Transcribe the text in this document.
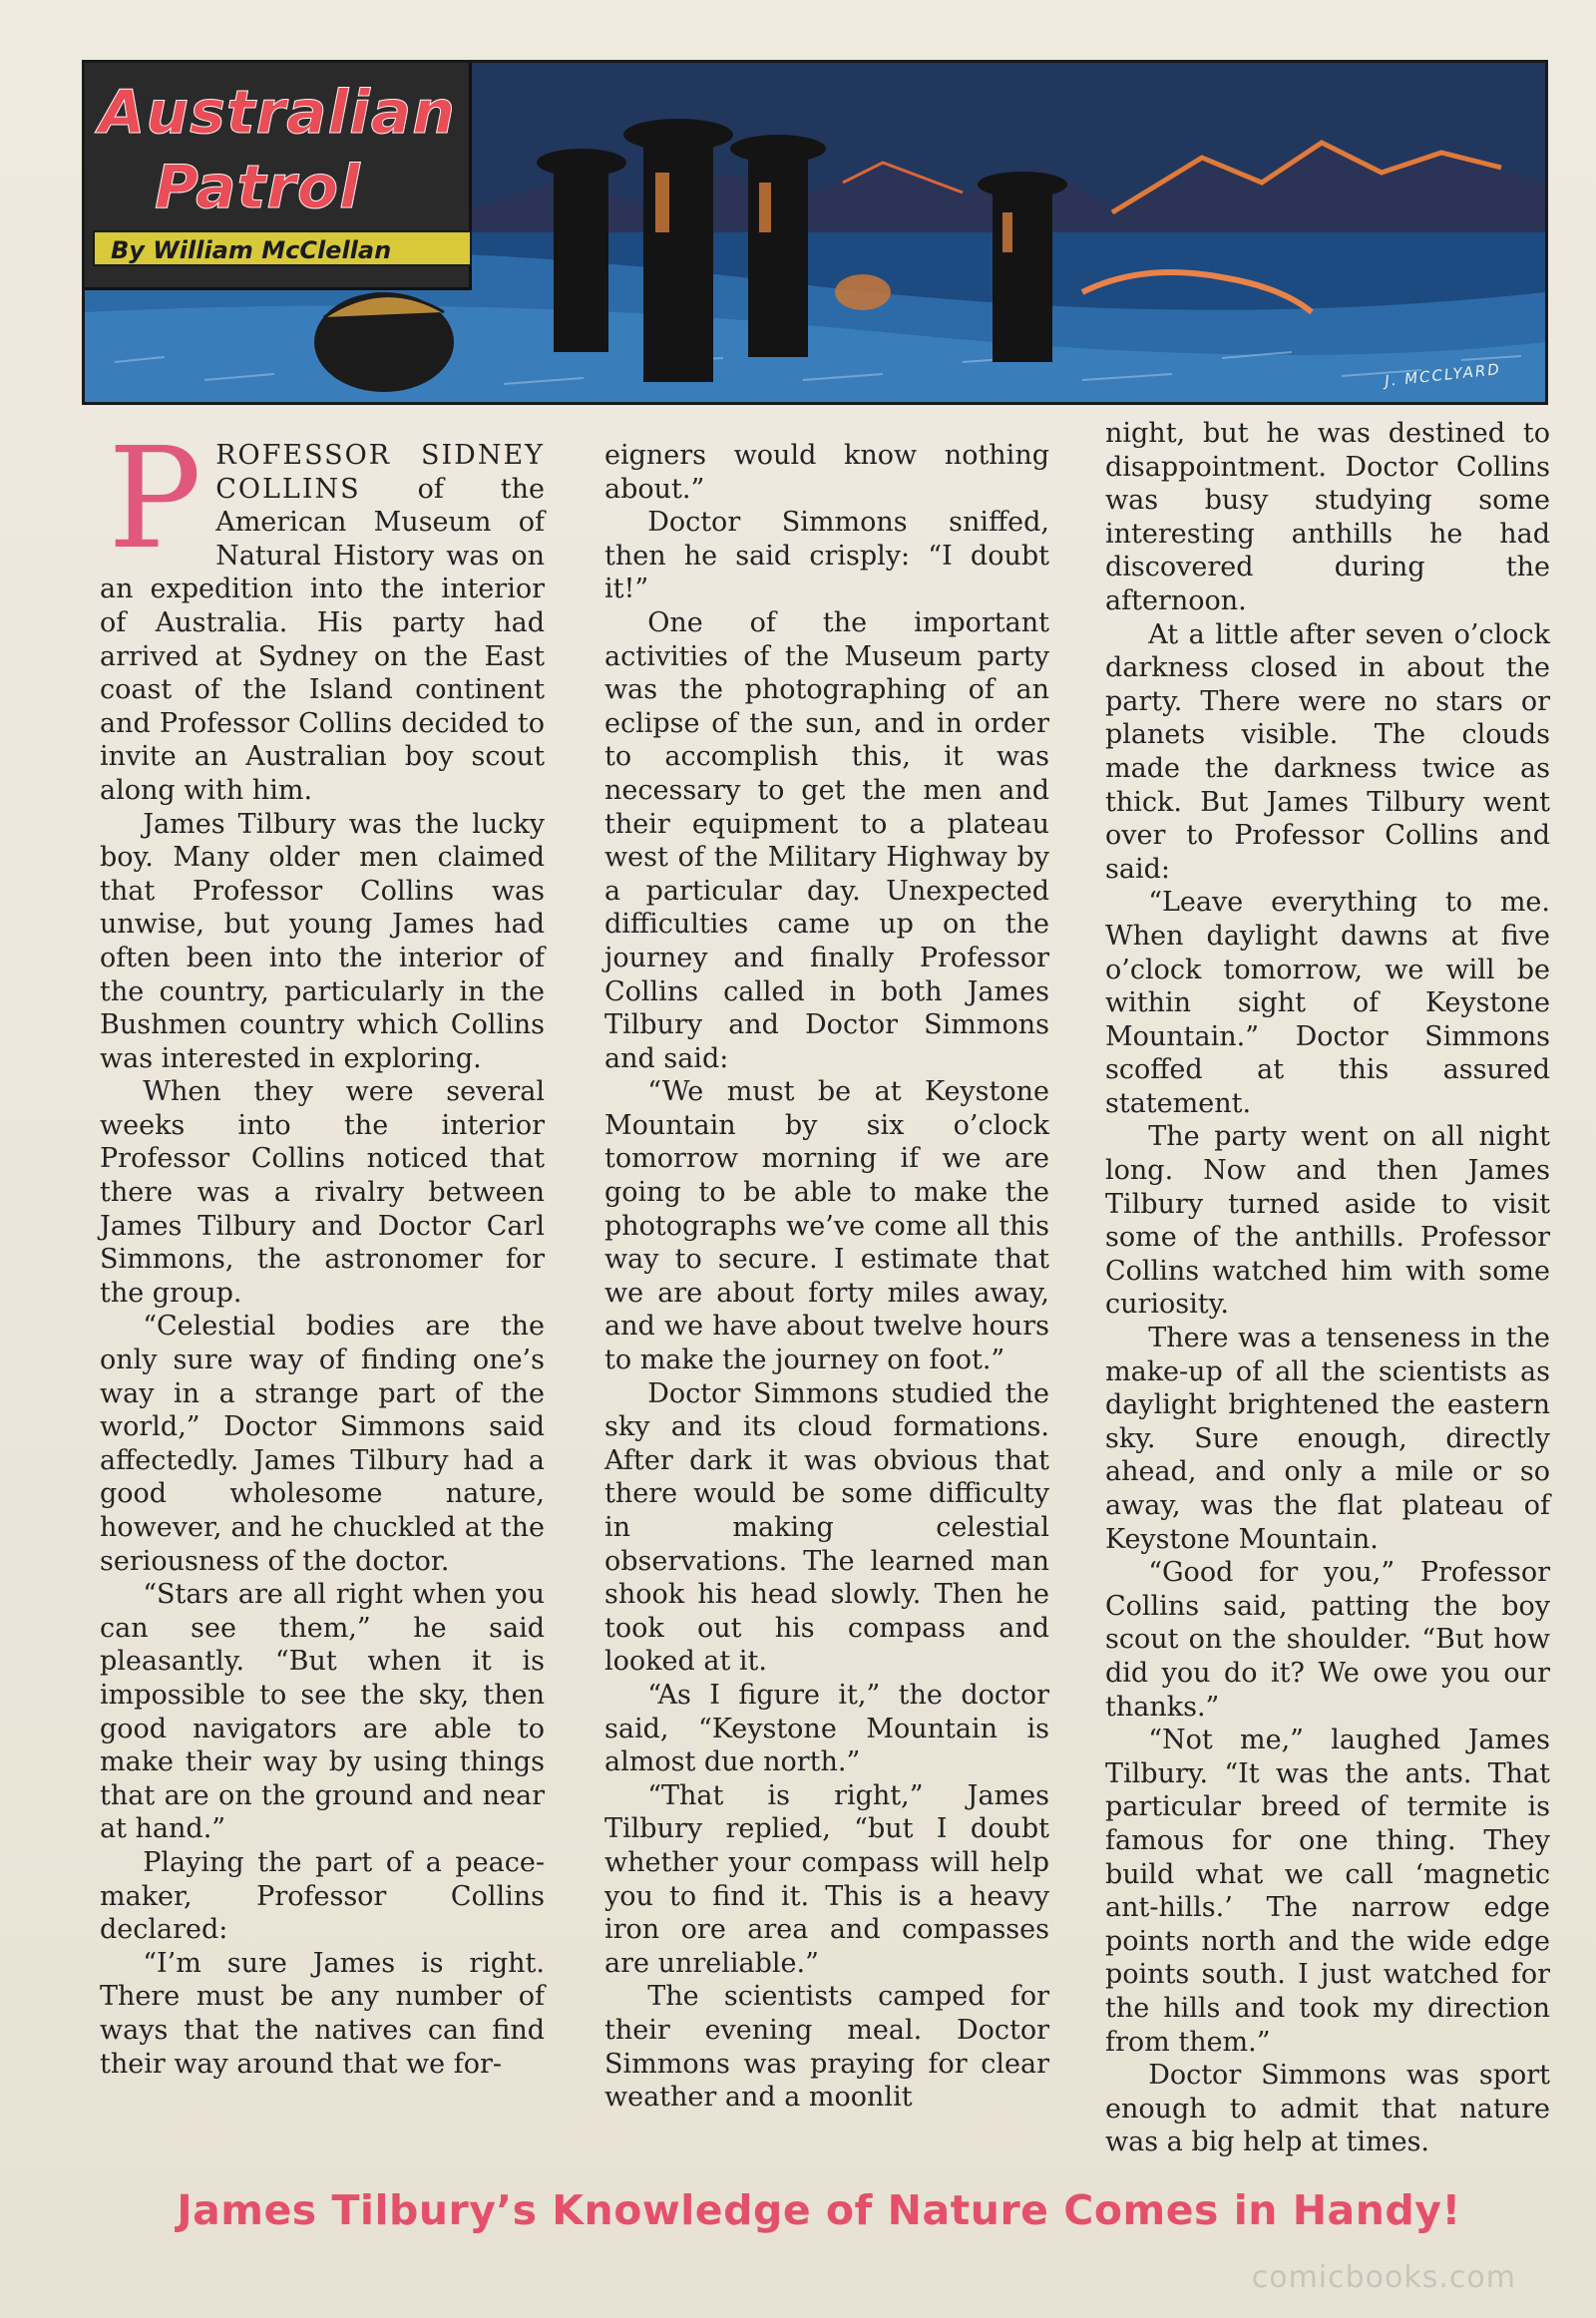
Australian
Patrol
By William McClellan
J. MCCLYARD

PROFESSOR SIDNEY COLLINS of the American Museum of Natural History was on an expedition into the interior of Australia. His party had arrived at Sydney on the East coast of the Island continent and Professor Collins decided to invite an Australian boy scout along with him.

James Tilbury was the lucky boy. Many older men claimed that Professor Collins was unwise, but young James had often been into the interior of the country, particularly in the Bushmen country which Collins was interested in exploring.

When they were several weeks into the interior Professor Collins noticed that there was a rivalry between James Tilbury and Doctor Carl Simmons, the astronomer for the group.

“Celestial bodies are the only sure way of finding one’s way in a strange part of the world,” Doctor Simmons said affectedly. James Tilbury had a good wholesome nature, however, and he chuckled at the seriousness of the doctor.

“Stars are all right when you can see them,” he said pleasantly. “But when it is impossible to see the sky, then good navigators are able to make their way by using things that are on the ground and near at hand.”

Playing the part of a peace-maker, Professor Collins declared:

“I’m sure James is right. There must be any number of ways that the natives can find their way around that we for-

eigners would know nothing about.”

Doctor Simmons sniffed, then he said crisply: “I doubt it!”

One of the important activities of the Museum party was the photographing of an eclipse of the sun, and in order to accomplish this, it was necessary to get the men and their equipment to a plateau west of the Military Highway by a particular day. Unexpected difficulties came up on the journey and finally Professor Collins called in both James Tilbury and Doctor Simmons and said:

“We must be at Keystone Mountain by six o’clock tomorrow morning if we are going to be able to make the photographs we’ve come all this way to secure. I estimate that we are about forty miles away, and we have about twelve hours to make the journey on foot.”

Doctor Simmons studied the sky and its cloud formations. After dark it was obvious that there would be some difficulty in making celestial observations. The learned man shook his head slowly. Then he took out his compass and looked at it.

“As I figure it,” the doctor said, “Keystone Mountain is almost due north.”

“That is right,” James Tilbury replied, “but I doubt whether your compass will help you to find it. This is a heavy iron ore area and compasses are unreliable.”

The scientists camped for their evening meal. Doctor Simmons was praying for clear weather and a moonlit

night, but he was destined to disappointment. Doctor Collins was busy studying some interesting anthills he had discovered during the afternoon.

At a little after seven o’clock darkness closed in about the party. There were no stars or planets visible. The clouds made the darkness twice as thick. But James Tilbury went over to Professor Collins and said:

“Leave everything to me. When daylight dawns at five o’clock tomorrow, we will be within sight of Keystone Mountain.” Doctor Simmons scoffed at this assured statement.

The party went on all night long. Now and then James Tilbury turned aside to visit some of the anthills. Professor Collins watched him with some curiosity.

There was a tenseness in the make-up of all the scientists as daylight brightened the eastern sky. Sure enough, directly ahead, and only a mile or so away, was the flat plateau of Keystone Mountain.

“Good for you,” Professor Collins said, patting the boy scout on the shoulder. “But how did you do it? We owe you our thanks.”

“Not me,” laughed James Tilbury. “It was the ants. That particular breed of termite is famous for one thing. They build what we call ‘magnetic ant-hills.’ The narrow edge points north and the wide edge points south. I just watched for the hills and took my direction from them.”

Doctor Simmons was sport enough to admit that nature was a big help at times.

James Tilbury’s Knowledge of Nature Comes in Handy!
comicbooks.com
